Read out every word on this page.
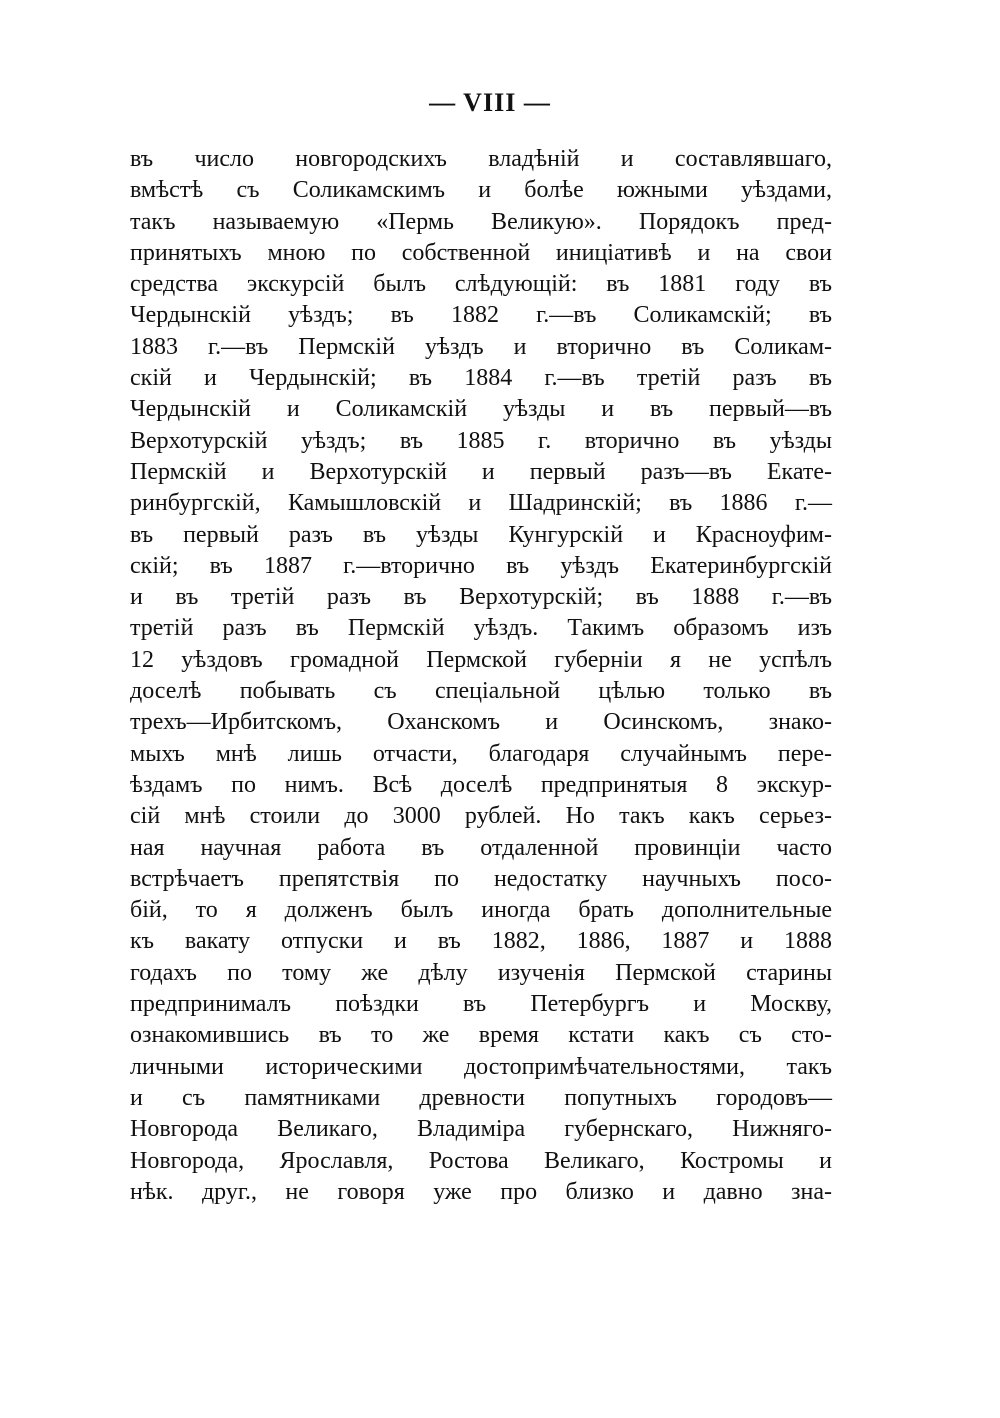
— VIII —
въ число новгородскихъ владѣній и составлявшаго,
вмѣстѣ съ Соликамскимъ и болѣе южными уѣздами,
такъ называемую «Пермь Великую». Порядокъ пред-
принятыхъ мною по собственной иниціативѣ и на свои
средства экскурсій былъ слѣдующій: въ 1881 году въ
Чердынскій уѣздъ; въ 1882 г.—въ Соликамскій; въ
1883 г.—въ Пермскій уѣздъ и вторично въ Соликам-
скій и Чердынскій; въ 1884 г.—въ третій разъ въ
Чердынскій и Соликамскій уѣзды и въ первый—въ
Верхотурскій уѣздъ; въ 1885 г. вторично въ уѣзды
Пермскій и Верхотурскій и первый разъ—въ Екате-
ринбургскій, Камышловскій и Шадринскій; въ 1886 г.—
въ первый разъ въ уѣзды Кунгурскій и Красноуфим-
скій; въ 1887 г.—вторично въ уѣздъ Екатеринбургскій
и въ третій разъ въ Верхотурскій; въ 1888 г.—въ
третій разъ въ Пермскій уѣздъ. Такимъ образомъ изъ
12 уѣздовъ громадной Пермской губерніи я не успѣлъ
доселѣ побывать съ спеціальной цѣлью только въ
трехъ—Ирбитскомъ, Оханскомъ и Осинскомъ, знако-
мыхъ мнѣ лишь отчасти, благодаря случайнымъ пере-
ѣздамъ по нимъ. Всѣ доселѣ предпринятыя 8 экскур-
сій мнѣ стоили до 3000 рублей. Но такъ какъ серьез-
ная научная работа въ отдаленной провинціи часто
встрѣчаетъ препятствія по недостатку научныхъ посо-
бій, то я долженъ былъ иногда брать дополнительные
къ вакату отпуски и въ 1882, 1886, 1887 и 1888
годахъ по тому же дѣлу изученія Пермской старины
предпринималъ поѣздки въ Петербургъ и Москву,
ознакомившись въ то же время кстати какъ съ сто-
личными историческими достопримѣчательностями, такъ
и съ памятниками древности попутныхъ городовъ—
Новгорода Великаго, Владиміра губернскаго, Нижняго-
Новгорода, Ярославля, Ростова Великаго, Костромы и
нѣк. друг., не говоря уже про близко и давно зна-
